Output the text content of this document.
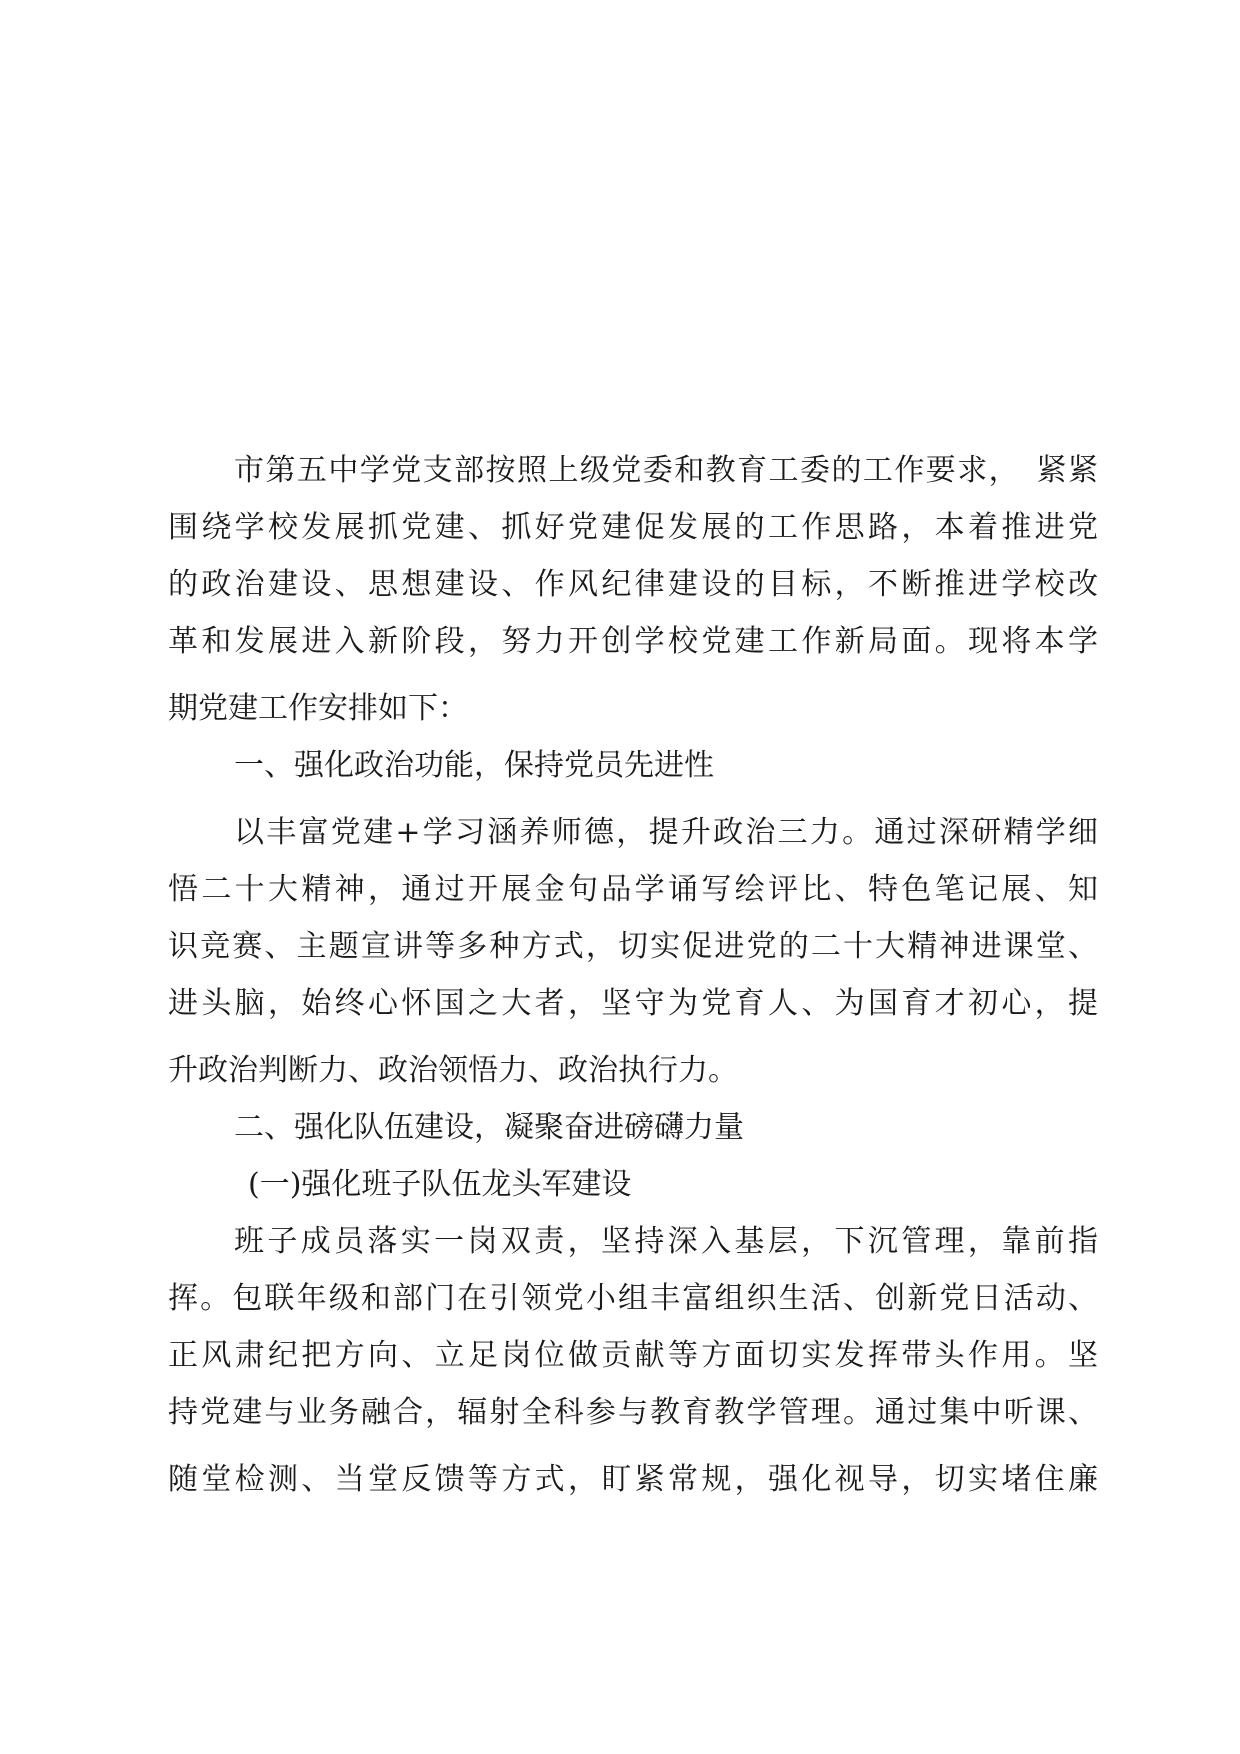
市第五中学党支部按照上级党委和教育工委的工作要求，　紧紧
围绕学校发展抓党建、抓好党建促发展的工作思路，本着推进党
的政治建设、思想建设、作风纪律建设的目标，不断推进学校改
革和发展进入新阶段，努力开创学校党建工作新局面。现将本学
期党建工作安排如下：
一、强化政治功能，保持党员先进性
以丰富党建+学习涵养师德，提升政治三力。通过深研精学细
悟二十大精神，通过开展金句品学诵写绘评比、特色笔记展、知
识竞赛、主题宣讲等多种方式，切实促进党的二十大精神进课堂、
进头脑，始终心怀国之大者，坚守为党育人、为国育才初心，提
升政治判断力、政治领悟力、政治执行力。
二、强化队伍建设，凝聚奋进磅礴力量
(一)强化班子队伍龙头军建设
班子成员落实一岗双责，坚持深入基层，下沉管理，靠前指
挥。包联年级和部门在引领党小组丰富组织生活、创新党日活动、
正风肃纪把方向、立足岗位做贡献等方面切实发挥带头作用。坚
持党建与业务融合，辐射全科参与教育教学管理。通过集中听课、
随堂检测、当堂反馈等方式，盯紧常规，强化视导，切实堵住廉
